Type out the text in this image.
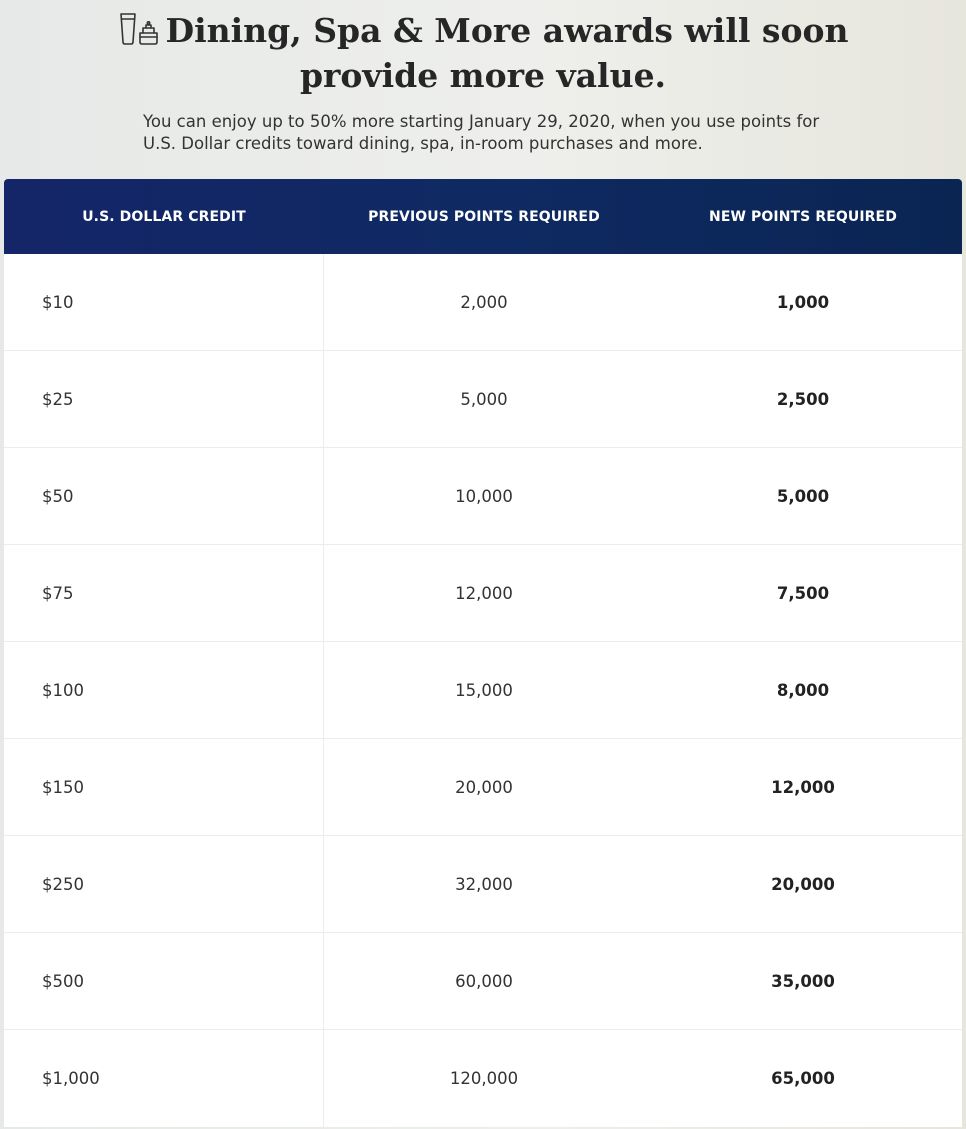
Dining, Spa & More awards will soon
provide more value.

You can enjoy up to 50% more starting January 29, 2020, when you use points for
U.S. Dollar credits toward dining, spa, in-room purchases and more.

U.S. DOLLAR CREDIT	PREVIOUS POINTS REQUIRED	NEW POINTS REQUIRED
$10	2,000	1,000
$25	5,000	2,500
$50	10,000	5,000
$75	12,000	7,500
$100	15,000	8,000
$150	20,000	12,000
$250	32,000	20,000
$500	60,000	35,000
$1,000	120,000	65,000
